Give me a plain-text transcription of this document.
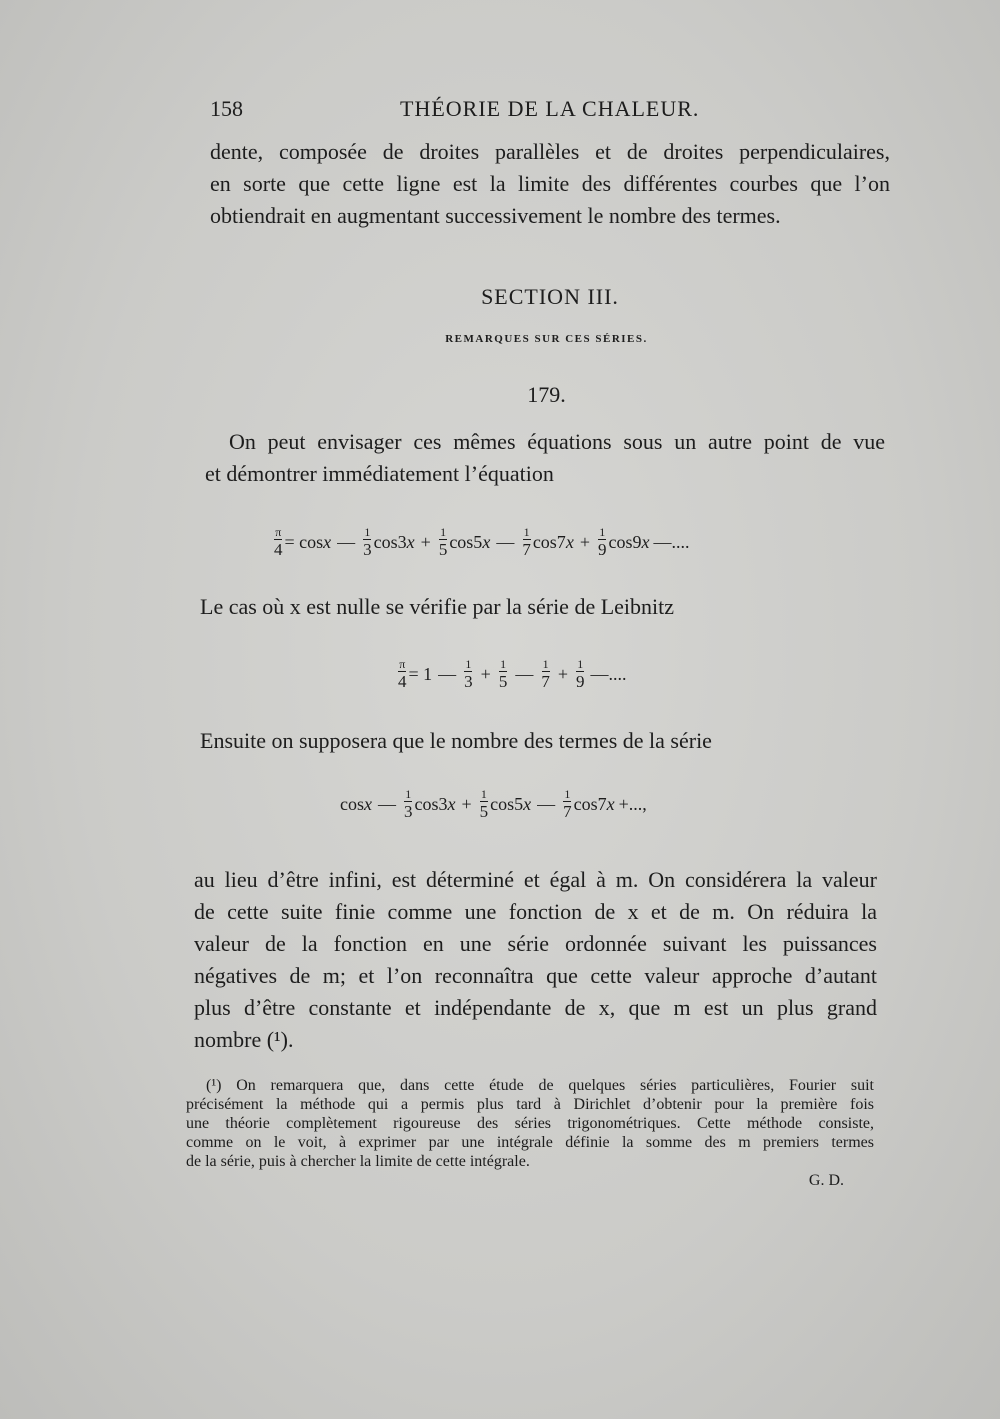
158	THÉORIE DE LA CHALEUR.
dente, composée de droites parallèles et de droites perpendiculaires,
en sorte que cette ligne est la limite des différentes courbes que l’on
obtiendrait en augmentant successivement le nombre des termes.
SECTION III.
REMARQUES SUR CES SÉRIES.
179.
On peut envisager ces mêmes équations sous un autre point de vue
et démontrer immédiatement l’équation
$\frac{\pi}{4} = \cos x$ — $\frac{1}{3} \cos 3$ $x + \frac{1}{5} \cos 5$ x — $\frac{1}{7} \cos 7$ $x + \frac{1}{9} \cos 9$ x —....
Le cas où x est nulle se vérifie par la série de Leibnitz
$\frac{\pi}{4} = 1$ — $\frac{1}{3} + \frac{1}{5}$ — $\frac{1}{7} + \frac{1}{9}$ —....
Ensuite on supposera que le nombre des termes de la série
cos x — $\frac{1}{3} \cos 3$ $x + \frac{1}{5} \cos 5$ x — $\frac{1}{7} \cos 7$ x +...,
au lieu d’être infini, est déterminé et égal à m. On considérera la valeur
de cette suite finie comme une fonction de x et de m. On réduira la
valeur de la fonction en une série ordonnée suivant les puissances
négatives de m; et l’on reconnaîtra que cette valeur approche d’autant
plus d’être constante et indépendante de x, que m est un plus grand
nombre (¹).
(¹) On remarquera que, dans cette étude de quelques séries particulières, Fourier suit
précisément la méthode qui a permis plus tard à Dirichlet d’obtenir pour la première fois
une théorie complètement rigoureuse des séries trigonométriques. Cette méthode consiste,
comme on le voit, à exprimer par une intégrale définie la somme des m premiers termes
de la série, puis à chercher la limite de cette intégrale.
G. D.
